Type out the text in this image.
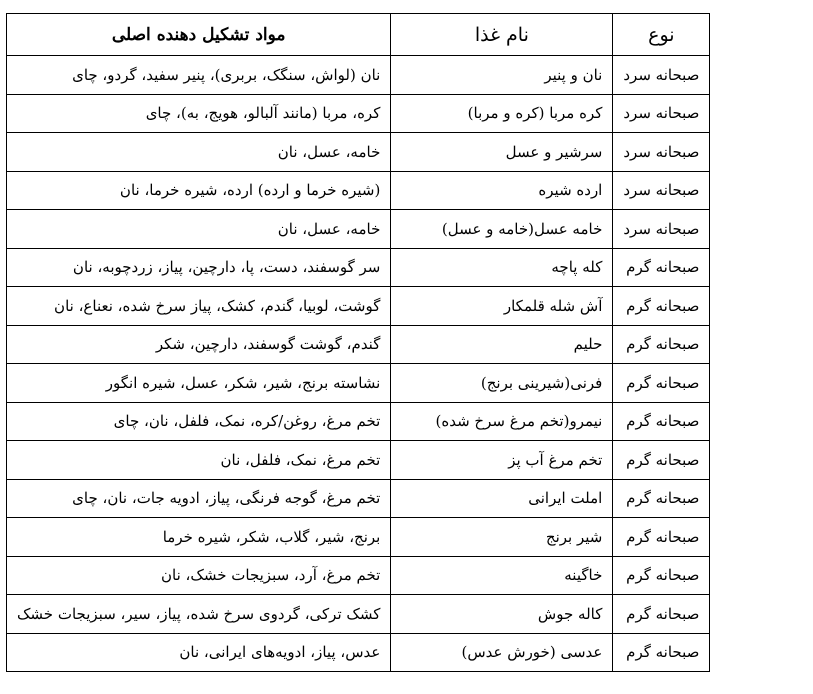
نوع	نام غذا	مواد تشکیل دهنده اصلی
صبحانه سرد	نان و پنیر	نان (لواش، سنگک، بربری)، پنیر سفید، گردو، چای
صبحانه سرد	کره مربا (کره و مربا)	کره، مربا (مانند آلبالو، هویج، به)، چای
صبحانه سرد	سرشیر و عسل	خامه، عسل، نان
صبحانه سرد	ارده شیره	(شیره خرما و ارده) ارده، شیره خرما، نان
صبحانه سرد	خامه عسل(خامه و عسل)	خامه، عسل، نان
صبحانه گرم	کله پاچه	سر گوسفند، دست، پا، دارچین، پیاز، زردچوبه، نان
صبحانه گرم	آش شله قلمکار	گوشت، لوبیا، گندم، کشک، پیاز سرخ شده، نعناع، نان
صبحانه گرم	حلیم	گندم، گوشت گوسفند، دارچین، شکر
صبحانه گرم	فرنی(شیرینی برنج)	نشاسته برنج، شیر، شکر، عسل، شیره انگور
صبحانه گرم	نیمرو(تخم مرغ سرخ شده)	تخم مرغ، روغن/کره، نمک، فلفل، نان، چای
صبحانه گرم	تخم مرغ آب پز	تخم مرغ، نمک، فلفل، نان
صبحانه گرم	املت ایرانی	تخم مرغ، گوجه فرنگی، پیاز، ادویه جات، نان، چای
صبحانه گرم	شیر برنج	برنج، شیر، گلاب، شکر، شیره خرما
صبحانه گرم	خاگینه	تخم مرغ، آرد، سبزیجات خشک، نان
صبحانه گرم	کاله جوش	کشک ترکی، گردوی سرخ شده، پیاز، سیر، سبزیجات خشک
صبحانه گرم	عدسی (خورش عدس)	عدس، پیاز، ادویه‌های ایرانی، نان
